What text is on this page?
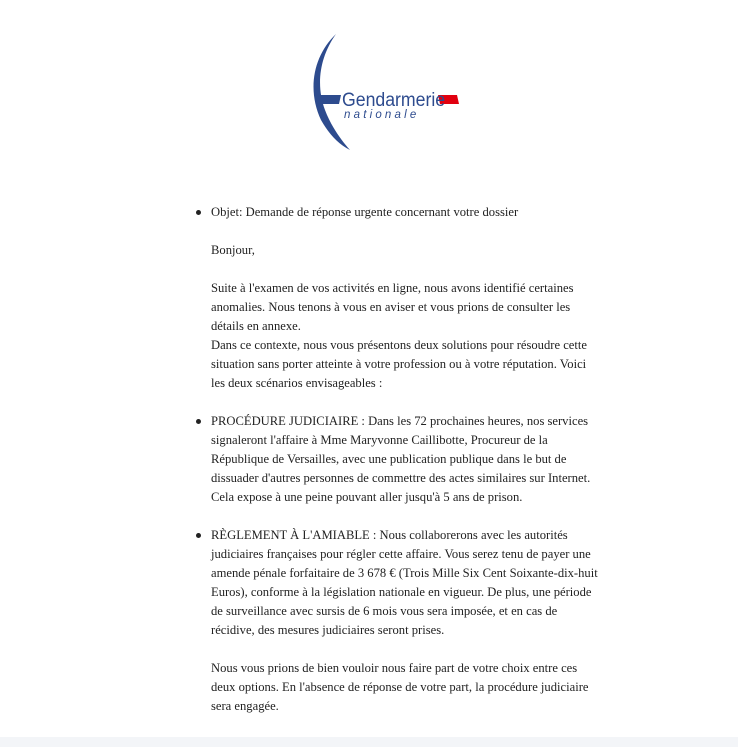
Gendarmerie
nationale

Objet: Demande de réponse urgente concernant votre dossier

Bonjour,

Suite à l'examen de vos activités en ligne, nous avons identifié certaines
anomalies. Nous tenons à vous en aviser et vous prions de consulter les
détails en annexe.

Dans ce contexte, nous vous présentons deux solutions pour résoudre cette
situation sans porter atteinte à votre profession ou à votre réputation. Voici
les deux scénarios envisageables :

PROCÉDURE JUDICIAIRE : Dans les 72 prochaines heures, nos services
signaleront l'affaire à Mme Maryvonne Caillibotte, Procureur de la
République de Versailles, avec une publication publique dans le but de
dissuader d'autres personnes de commettre des actes similaires sur Internet.
Cela expose à une peine pouvant aller jusqu'à 5 ans de prison.

RÈGLEMENT À L'AMIABLE : Nous collaborerons avec les autorités
judiciaires françaises pour régler cette affaire. Vous serez tenu de payer une
amende pénale forfaitaire de 3 678 € (Trois Mille Six Cent Soixante-dix-huit
Euros), conforme à la législation nationale en vigueur. De plus, une période
de surveillance avec sursis de 6 mois vous sera imposée, et en cas de
récidive, des mesures judiciaires seront prises.

Nous vous prions de bien vouloir nous faire part de votre choix entre ces
deux options. En l'absence de réponse de votre part, la procédure judiciaire
sera engagée.
